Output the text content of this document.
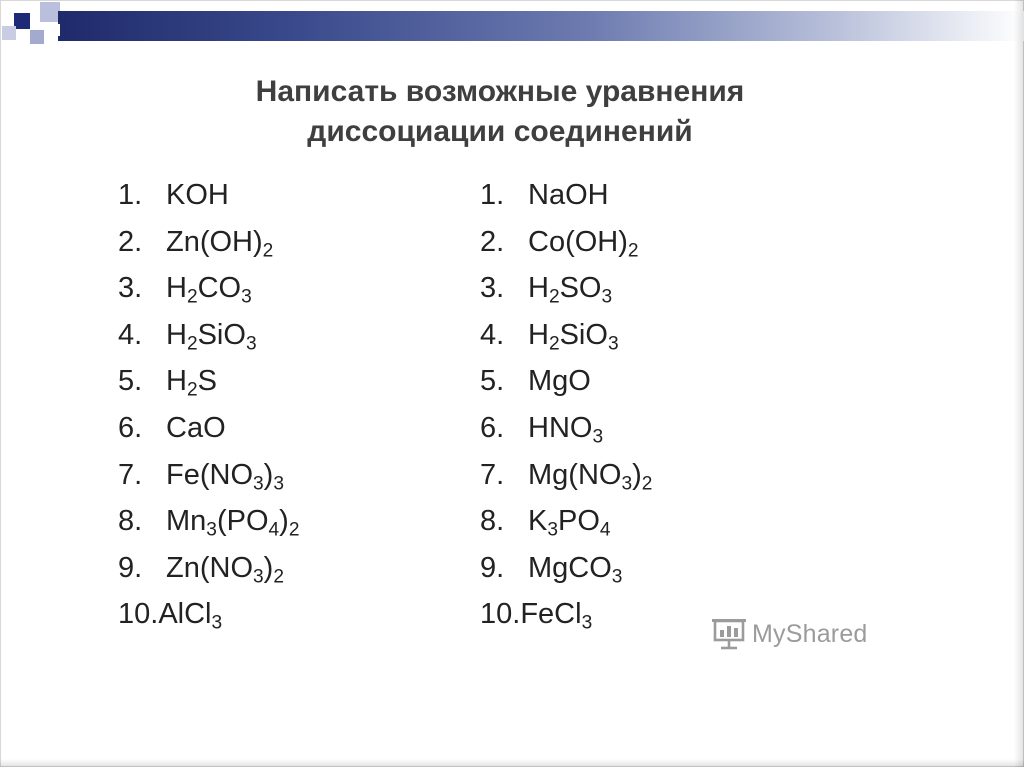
Написать возможные уравнения
диссоциации соединений
1. KOH
2. $Zn(OH)_2$
3. $H_2CO_3$
4. $H_2SiO_3$
5. $H_2S$
6. CaO
7. $Fe(NO_3)_3$
8. $Mn_3(PO_4)_2$
9. $Zn(NO_3)_2$
10.AlCl$_3$
1. NaOH
2. $Co(OH)_2$
3. $H_2SO_3$
4. $H_2SiO_3$
5. MgO
6. $HNO_3$
7. $Mg(NO_3)_2$
8. $K_3PO_4$
9. MgCO$_3$
10.FeCl$_3$	MyShared
